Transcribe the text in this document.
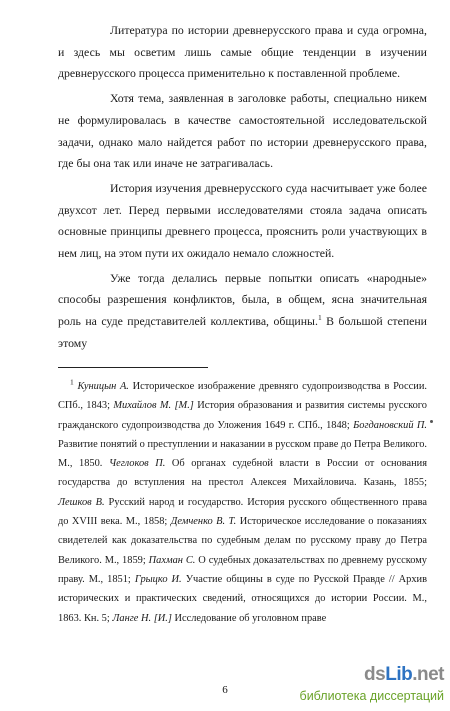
Литература по истории древнерусского права и суда огромна, и здесь мы осветим лишь самые общие тенденции в изучении древнерусского процесса применительно к поставленной проблеме.

Хотя тема, заявленная в заголовке работы, специально никем не формулировалась в качестве самостоятельной исследовательской задачи, однако мало найдется работ по истории древнерусского права, где бы она так или иначе не затрагивалась.

История изучения древнерусского суда насчитывает уже более двухсот лет. Перед первыми исследователями стояла задача описать основные принципы древнего процесса, прояснить роли участвующих в нем лиц, на этом пути их ожидало немало сложностей.

Уже тогда делались первые попытки описать «народные» способы разрешения конфликтов, была, в общем, ясна значительная роль на суде представителей коллектива, общины.$^1$ В большой степени этому

$^1$ Куницын А. Историческое изображение древняго судопроизводства в России. СПб., 1843; Михайлов М. [М.] История образования и развития системы русского гражданского судопроизводства до Уложения 1649 г. СПб., 1848; Богдановский П. Развитие понятий о преступлении и наказании в русском праве до Петра Великого. М., 1850. Чеглоков П. Об органах судебной власти в России от основания государства до вступления на престол Алексея Михайловича. Казань, 1855; Лешков В. Русский народ и государство. История русского общественного права до XVIII века. М., 1858; Демченко В. Т. Историческое исследование о показаниях свидетелей как доказательства по судебным делам по русскому праву до Петра Великого. М., 1859; Пахман С. О судебных доказательствах по древнему русскому праву. М., 1851; Грыцко И. Участие общины в суде по Русской Правде // Архив исторических и практических сведений, относящихся до истории России. М., 1863. Кн. 5; Ланге Н. [И.] Исследование об уголовном праве

6
dsLib.net
библиотека диссертаций
